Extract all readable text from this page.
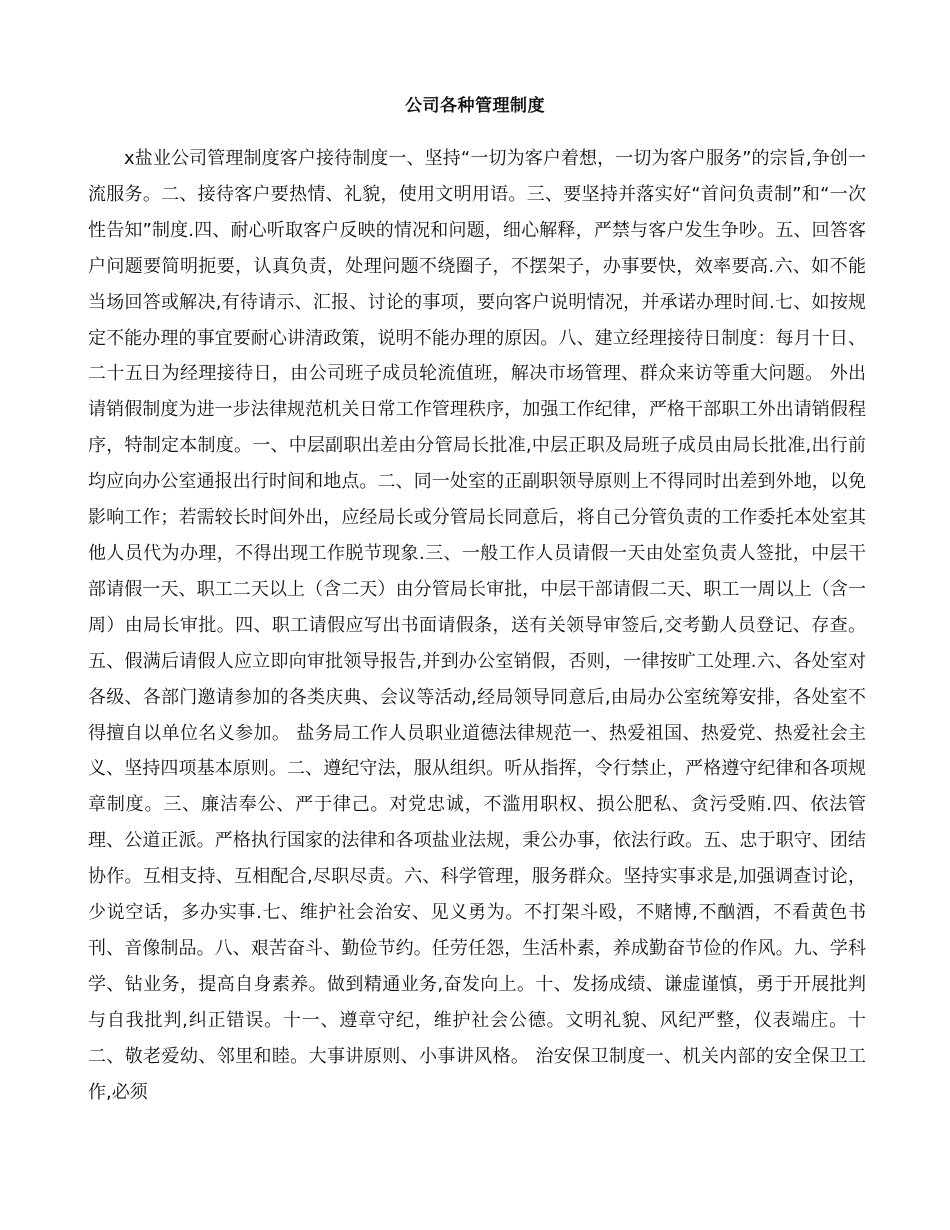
公司各种管理制度

x盐业公司管理制度客户接待制度一、坚持“一切为客户着想，一切为客户服务”的宗旨,争创一流服务。二、接待客户要热情、礼貌，使用文明用语。三、要坚持并落实好“首问负责制”和“一次性告知”制度.四、耐心听取客户反映的情况和问题，细心解释，严禁与客户发生争吵。五、回答客户问题要简明扼要，认真负责，处理问题不绕圈子，不摆架子，办事要快，效率要高.六、如不能当场回答或解决,有待请示、汇报、讨论的事项，要向客户说明情况，并承诺办理时间.七、如按规定不能办理的事宜要耐心讲清政策，说明不能办理的原因。八、建立经理接待日制度：每月十日、二十五日为经理接待日，由公司班子成员轮流值班，解决市场管理、群众来访等重大问题。 外出请销假制度为进一步法律规范机关日常工作管理秩序，加强工作纪律，严格干部职工外出请销假程序，特制定本制度。一、中层副职出差由分管局长批准,中层正职及局班子成员由局长批准,出行前均应向办公室通报出行时间和地点。二、同一处室的正副职领导原则上不得同时出差到外地，以免影响工作；若需较长时间外出，应经局长或分管局长同意后，将自己分管负责的工作委托本处室其他人员代为办理，不得出现工作脱节现象.三、一般工作人员请假一天由处室负责人签批，中层干部请假一天、职工二天以上（含二天）由分管局长审批，中层干部请假二天、职工一周以上（含一周）由局长审批。四、职工请假应写出书面请假条，送有关领导审签后,交考勤人员登记、存查。五、假满后请假人应立即向审批领导报告,并到办公室销假，否则，一律按旷工处理.六、各处室对各级、各部门邀请参加的各类庆典、会议等活动,经局领导同意后,由局办公室统筹安排，各处室不得擅自以单位名义参加。 盐务局工作人员职业道德法律规范一、热爱祖国、热爱党、热爱社会主义、坚持四项基本原则。二、遵纪守法，服从组织。听从指挥，令行禁止，严格遵守纪律和各项规章制度。三、廉洁奉公、严于律己。对党忠诚，不滥用职权、损公肥私、贪污受贿.四、依法管理、公道正派。严格执行国家的法律和各项盐业法规，秉公办事，依法行政。五、忠于职守、团结协作。互相支持、互相配合,尽职尽责。六、科学管理，服务群众。坚持实事求是,加强调查讨论，少说空话，多办实事.七、维护社会治安、见义勇为。不打架斗殴，不赌博,不酗酒，不看黄色书刊、音像制品。八、艰苦奋斗、勤俭节约。任劳任怨，生活朴素，养成勤奋节俭的作风。九、学科学、钻业务，提高自身素养。做到精通业务,奋发向上。十、发扬成绩、谦虚谨慎，勇于开展批判与自我批判,纠正错误。十一、遵章守纪，维护社会公德。文明礼貌、风纪严整，仪表端庄。十二、敬老爱幼、邻里和睦。大事讲原则、小事讲风格。 治安保卫制度一、机关内部的安全保卫工作,必须
